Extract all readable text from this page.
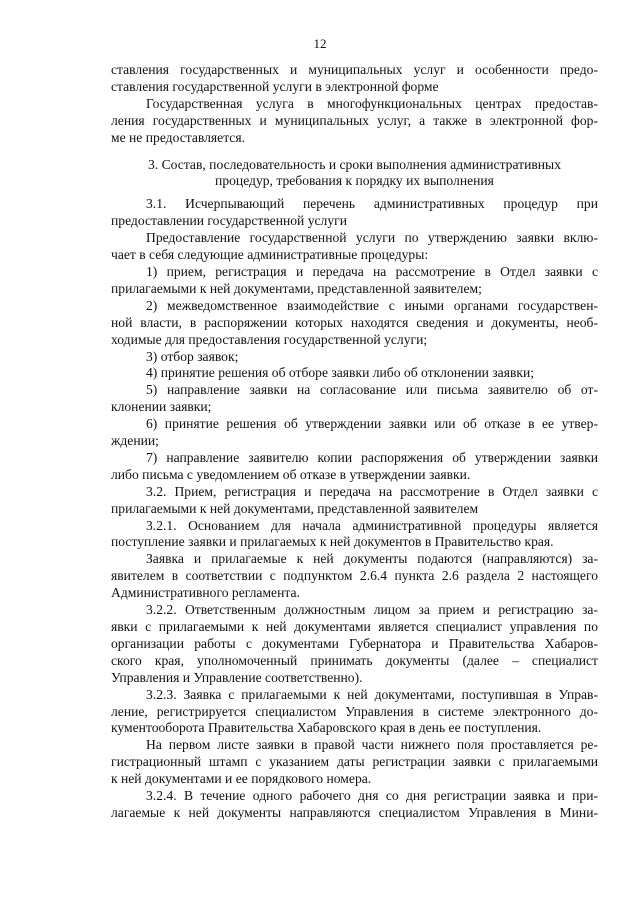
12
ставления государственных и муниципальных услуг и особенности предо-
ставления государственной услуги в электронной форме
Государственная услуга в многофункциональных центрах предостав-
ления государственных и муниципальных услуг, а также в электронной фор-
ме не предоставляется.
3. Состав, последовательность и сроки выполнения административных
процедур, требования к порядку их выполнения
3.1. Исчерпывающий перечень административных процедур при
предоставлении государственной услуги
Предоставление государственной услуги по утверждению заявки вклю-
чает в себя следующие административные процедуры:
1) прием, регистрация и передача на рассмотрение в Отдел заявки с
прилагаемыми к ней документами, представленной заявителем;
2) межведомственное взаимодействие с иными органами государствен-
ной власти, в распоряжении которых находятся сведения и документы, необ-
ходимые для предоставления государственной услуги;
3) отбор заявок;
4) принятие решения об отборе заявки либо об отклонении заявки;
5) направление заявки на согласование или письма заявителю об от-
клонении заявки;
6) принятие решения об утверждении заявки или об отказе в ее утвер-
ждении;
7) направление заявителю копии распоряжения об утверждении заявки
либо письма с уведомлением об отказе в утверждении заявки.
3.2. Прием, регистрация и передача на рассмотрение в Отдел заявки с
прилагаемыми к ней документами, представленной заявителем
3.2.1. Основанием для начала административной процедуры является
поступление заявки и прилагаемых к ней документов в Правительство края.
Заявка и прилагаемые к ней документы подаются (направляются) за-
явителем в соответствии с подпунктом 2.6.4 пункта 2.6 раздела 2 настоящего
Административного регламента.
3.2.2. Ответственным должностным лицом за прием и регистрацию за-
явки с прилагаемыми к ней документами является специалист управления по
организации работы с документами Губернатора и Правительства Хабаров-
ского края, уполномоченный принимать документы (далее – специалист
Управления и Управление соответственно).
3.2.3. Заявка с прилагаемыми к ней документами, поступившая в Управ-
ление, регистрируется специалистом Управления в системе электронного до-
кументооборота Правительства Хабаровского края в день ее поступления.
На первом листе заявки в правой части нижнего поля проставляется ре-
гистрационный штамп с указанием даты регистрации заявки с прилагаемыми
к ней документами и ее порядкового номера.
3.2.4. В течение одного рабочего дня со дня регистрации заявка и при-
лагаемые к ней документы направляются специалистом Управления в Мини-
